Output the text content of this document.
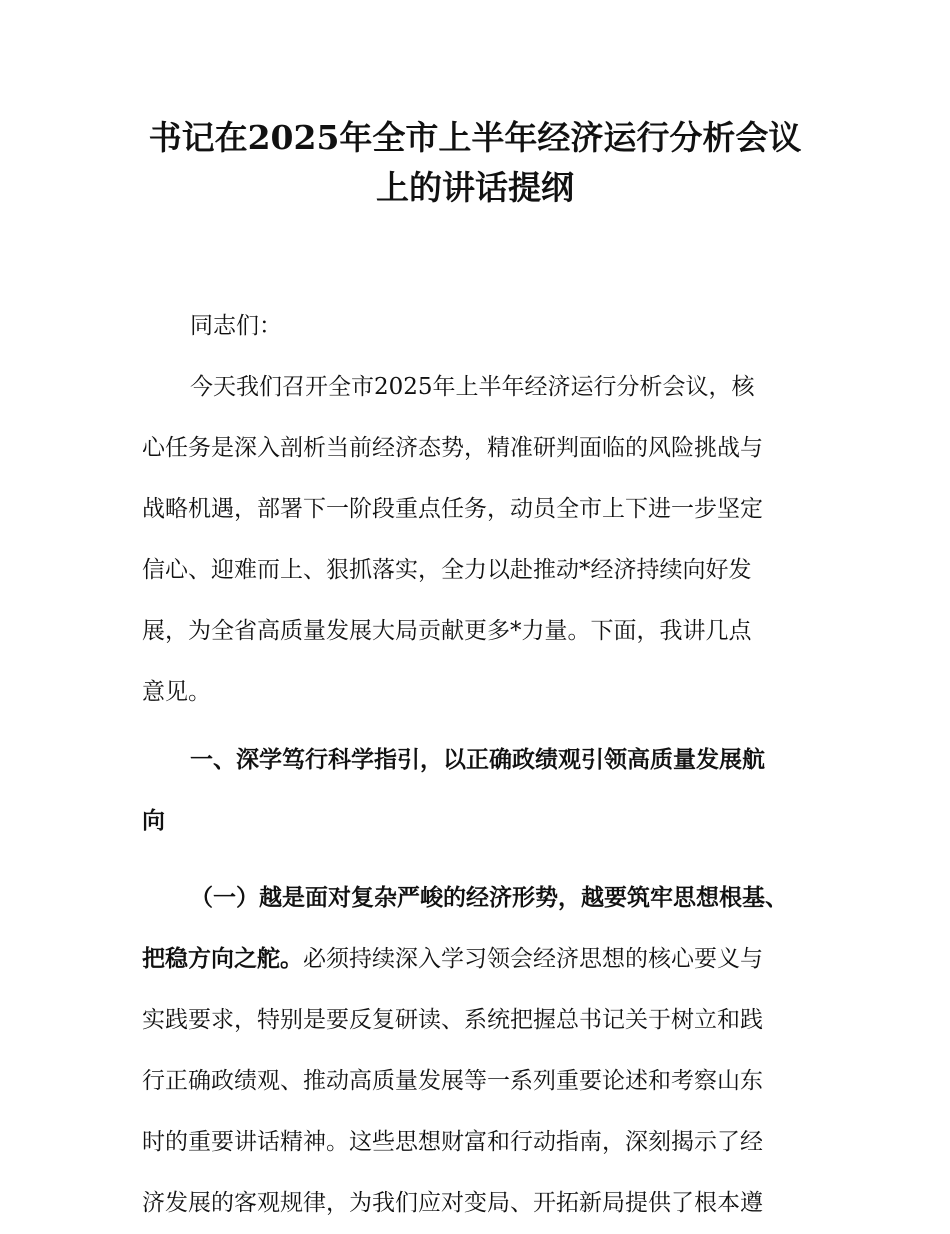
书记在2025年全市上半年经济运行分析会议
上的讲话提纲

同志们：

今天我们召开全市2025年上半年经济运行分析会议，核

心任务是深入剖析当前经济态势，精准研判面临的风险挑战与

战略机遇，部署下一阶段重点任务，动员全市上下进一步坚定

信心、迎难而上、狠抓落实，全力以赴推动*经济持续向好发

展，为全省高质量发展大局贡献更多*力量。下面，我讲几点

意见。

一、深学笃行科学指引，以正确政绩观引领高质量发展航

向

（一）越是面对复杂严峻的经济形势，越要筑牢思想根基、

把稳方向之舵。必须持续深入学习领会经济思想的核心要义与

实践要求，特别是要反复研读、系统把握总书记关于树立和践

行正确政绩观、推动高质量发展等一系列重要论述和考察山东

时的重要讲话精神。这些思想财富和行动指南，深刻揭示了经

济发展的客观规律，为我们应对变局、开拓新局提供了根本遵
